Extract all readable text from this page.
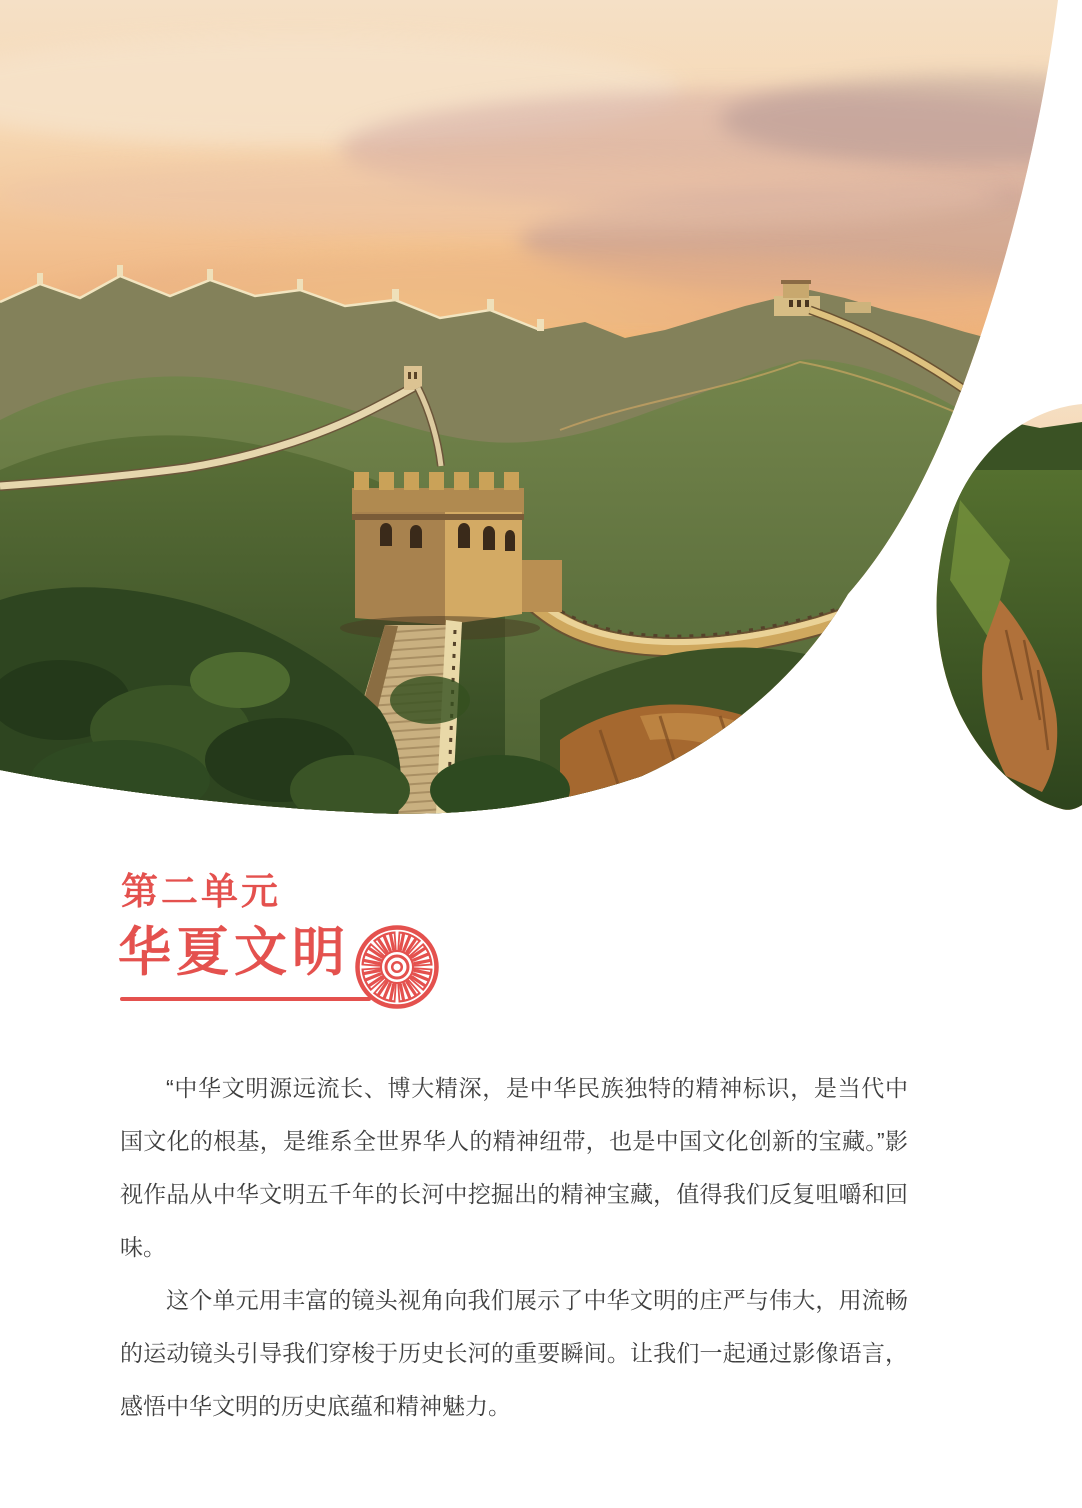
第二单元
华夏文明

“中华文明源远流长、博大精深，是中华民族独特的精神标识，是当代中国文化的根基，是维系全世界华人的精神纽带，也是中国文化创新的宝藏。”影视作品从中华文明五千年的长河中挖掘出的精神宝藏，值得我们反复咀嚼和回味。

这个单元用丰富的镜头视角向我们展示了中华文明的庄严与伟大，用流畅的运动镜头引导我们穿梭于历史长河的重要瞬间。让我们一起通过影像语言，感悟中华文明的历史底蕴和精神魅力。
